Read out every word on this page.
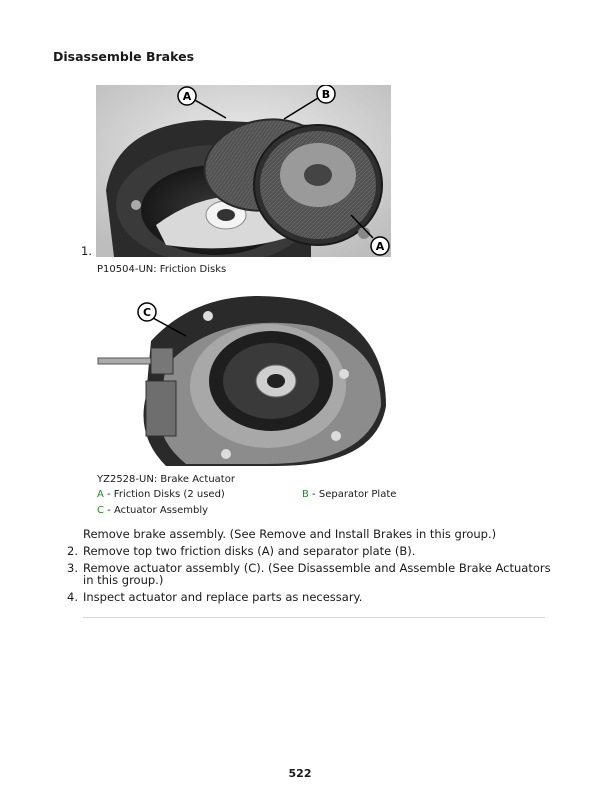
Disassemble Brakes
A	B
A
1.
P10504-UN: Friction Disks
C
YZ2528-UN: Brake Actuator
A - Friction Disks (2 used)	B - Separator Plate
C - Actuator Assembly
Remove brake assembly. (See Remove and Install Brakes in this group.)
2. Remove top two friction disks (A) and separator plate (B).
3. Remove actuator assembly (C). (See Disassemble and Assemble Brake Actuators
in this group.)
4. Inspect actuator and replace parts as necessary.
522
